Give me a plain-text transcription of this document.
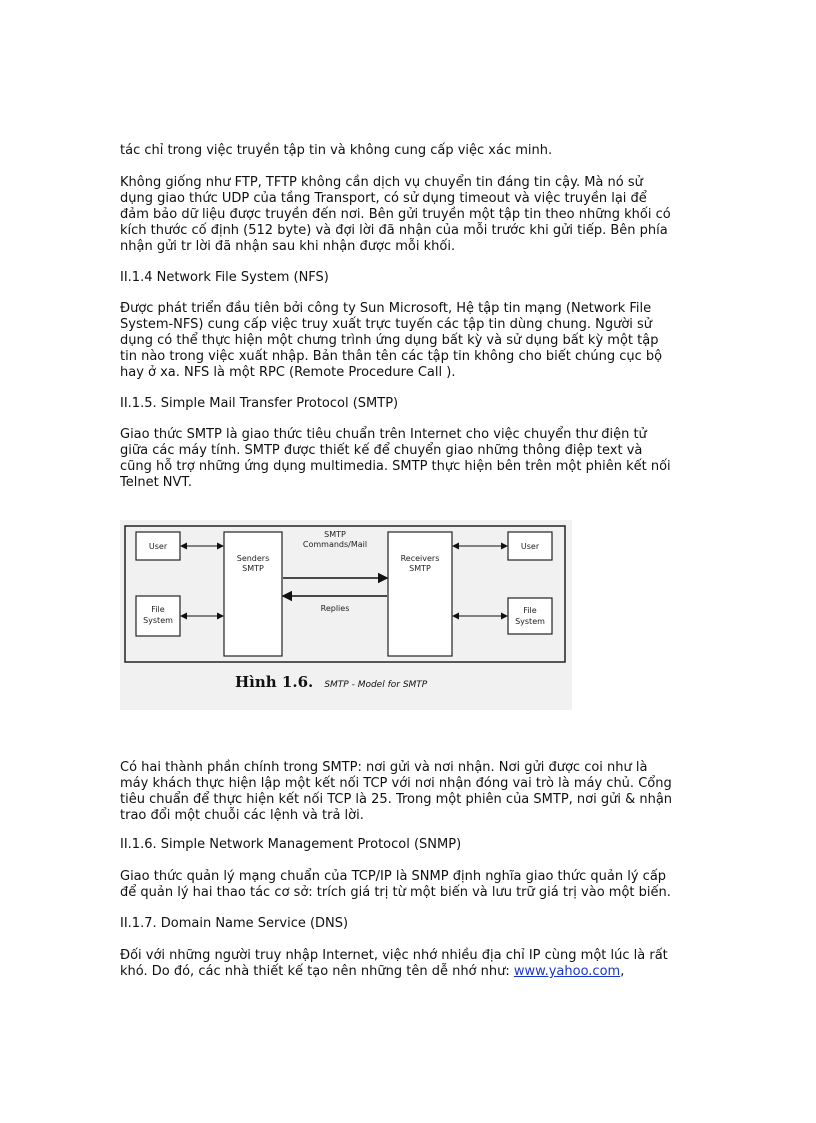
tác chỉ trong việc truyền tập tin và không cung cấp việc xác minh.

Không giống như FTP, TFTP không cần dịch vụ chuyển tin đáng tin cậy. Mà nó sử
dụng giao thức UDP của tầng Transport, có sử dụng timeout và việc truyền lại để
đảm bảo dữ liệu được truyền đến nơi. Bên gửi truyền một tập tin theo những khối có
kích thước cố định (512 byte) và đợi lời đã nhận của mỗi trước khi gửi tiếp. Bên phía
nhận gửi tr lời đã nhận sau khi nhận được mỗi khối.

II.1.4 Network File System (NFS)

Được phát triển đầu tiên bởi công ty Sun Microsoft, Hệ tập tin mạng (Network File
System-NFS) cung cấp việc truy xuất trực tuyến các tập tin dùng chung. Người sử
dụng có thể thực hiện một chưng trình ứng dụng bất kỳ và sử dụng bất kỳ một tập
tin nào trong việc xuất nhập. Bản thân tên các tập tin không cho biết chúng cục bộ
hay ở xa. NFS là một RPC (Remote Procedure Call ).

II.1.5. Simple Mail Transfer Protocol (SMTP)

Giao thức SMTP là giao thức tiêu chuẩn trên Internet cho việc chuyển thư điện tử
giữa các máy tính. SMTP được thiết kế để chuyển giao những thông điệp text và
cũng hỗ trợ những ứng dụng multimedia. SMTP thực hiện bên trên một phiên kết nối
Telnet NVT.

User
File
System
Senders
SMTP
Receivers
SMTP
User
File
System
SMTP
Commands/Mail
Replies
Hình 1.6. SMTP - Model for SMTP

Có hai thành phần chính trong SMTP: nơi gửi và nơi nhận. Nơi gửi được coi như là
máy khách thực hiện lập một kết nối TCP với nơi nhận đóng vai trò là máy chủ. Cổng
tiêu chuẩn để thực hiện kết nối TCP là 25. Trong một phiên của SMTP, nơi gửi & nhận
trao đổi một chuỗi các lệnh và trả lời.

II.1.6. Simple Network Management Protocol (SNMP)

Giao thức quản lý mạng chuẩn của TCP/IP là SNMP định nghĩa giao thức quản lý cấp
để quản lý hai thao tác cơ sở: trích giá trị từ một biến và lưu trữ giá trị vào một biến.

II.1.7. Domain Name Service (DNS)

Đối với những người truy nhập Internet, việc nhớ nhiều địa chỉ IP cùng một lúc là rất
khó. Do đó, các nhà thiết kế tạo nên những tên dễ nhớ như: www.yahoo.com,
